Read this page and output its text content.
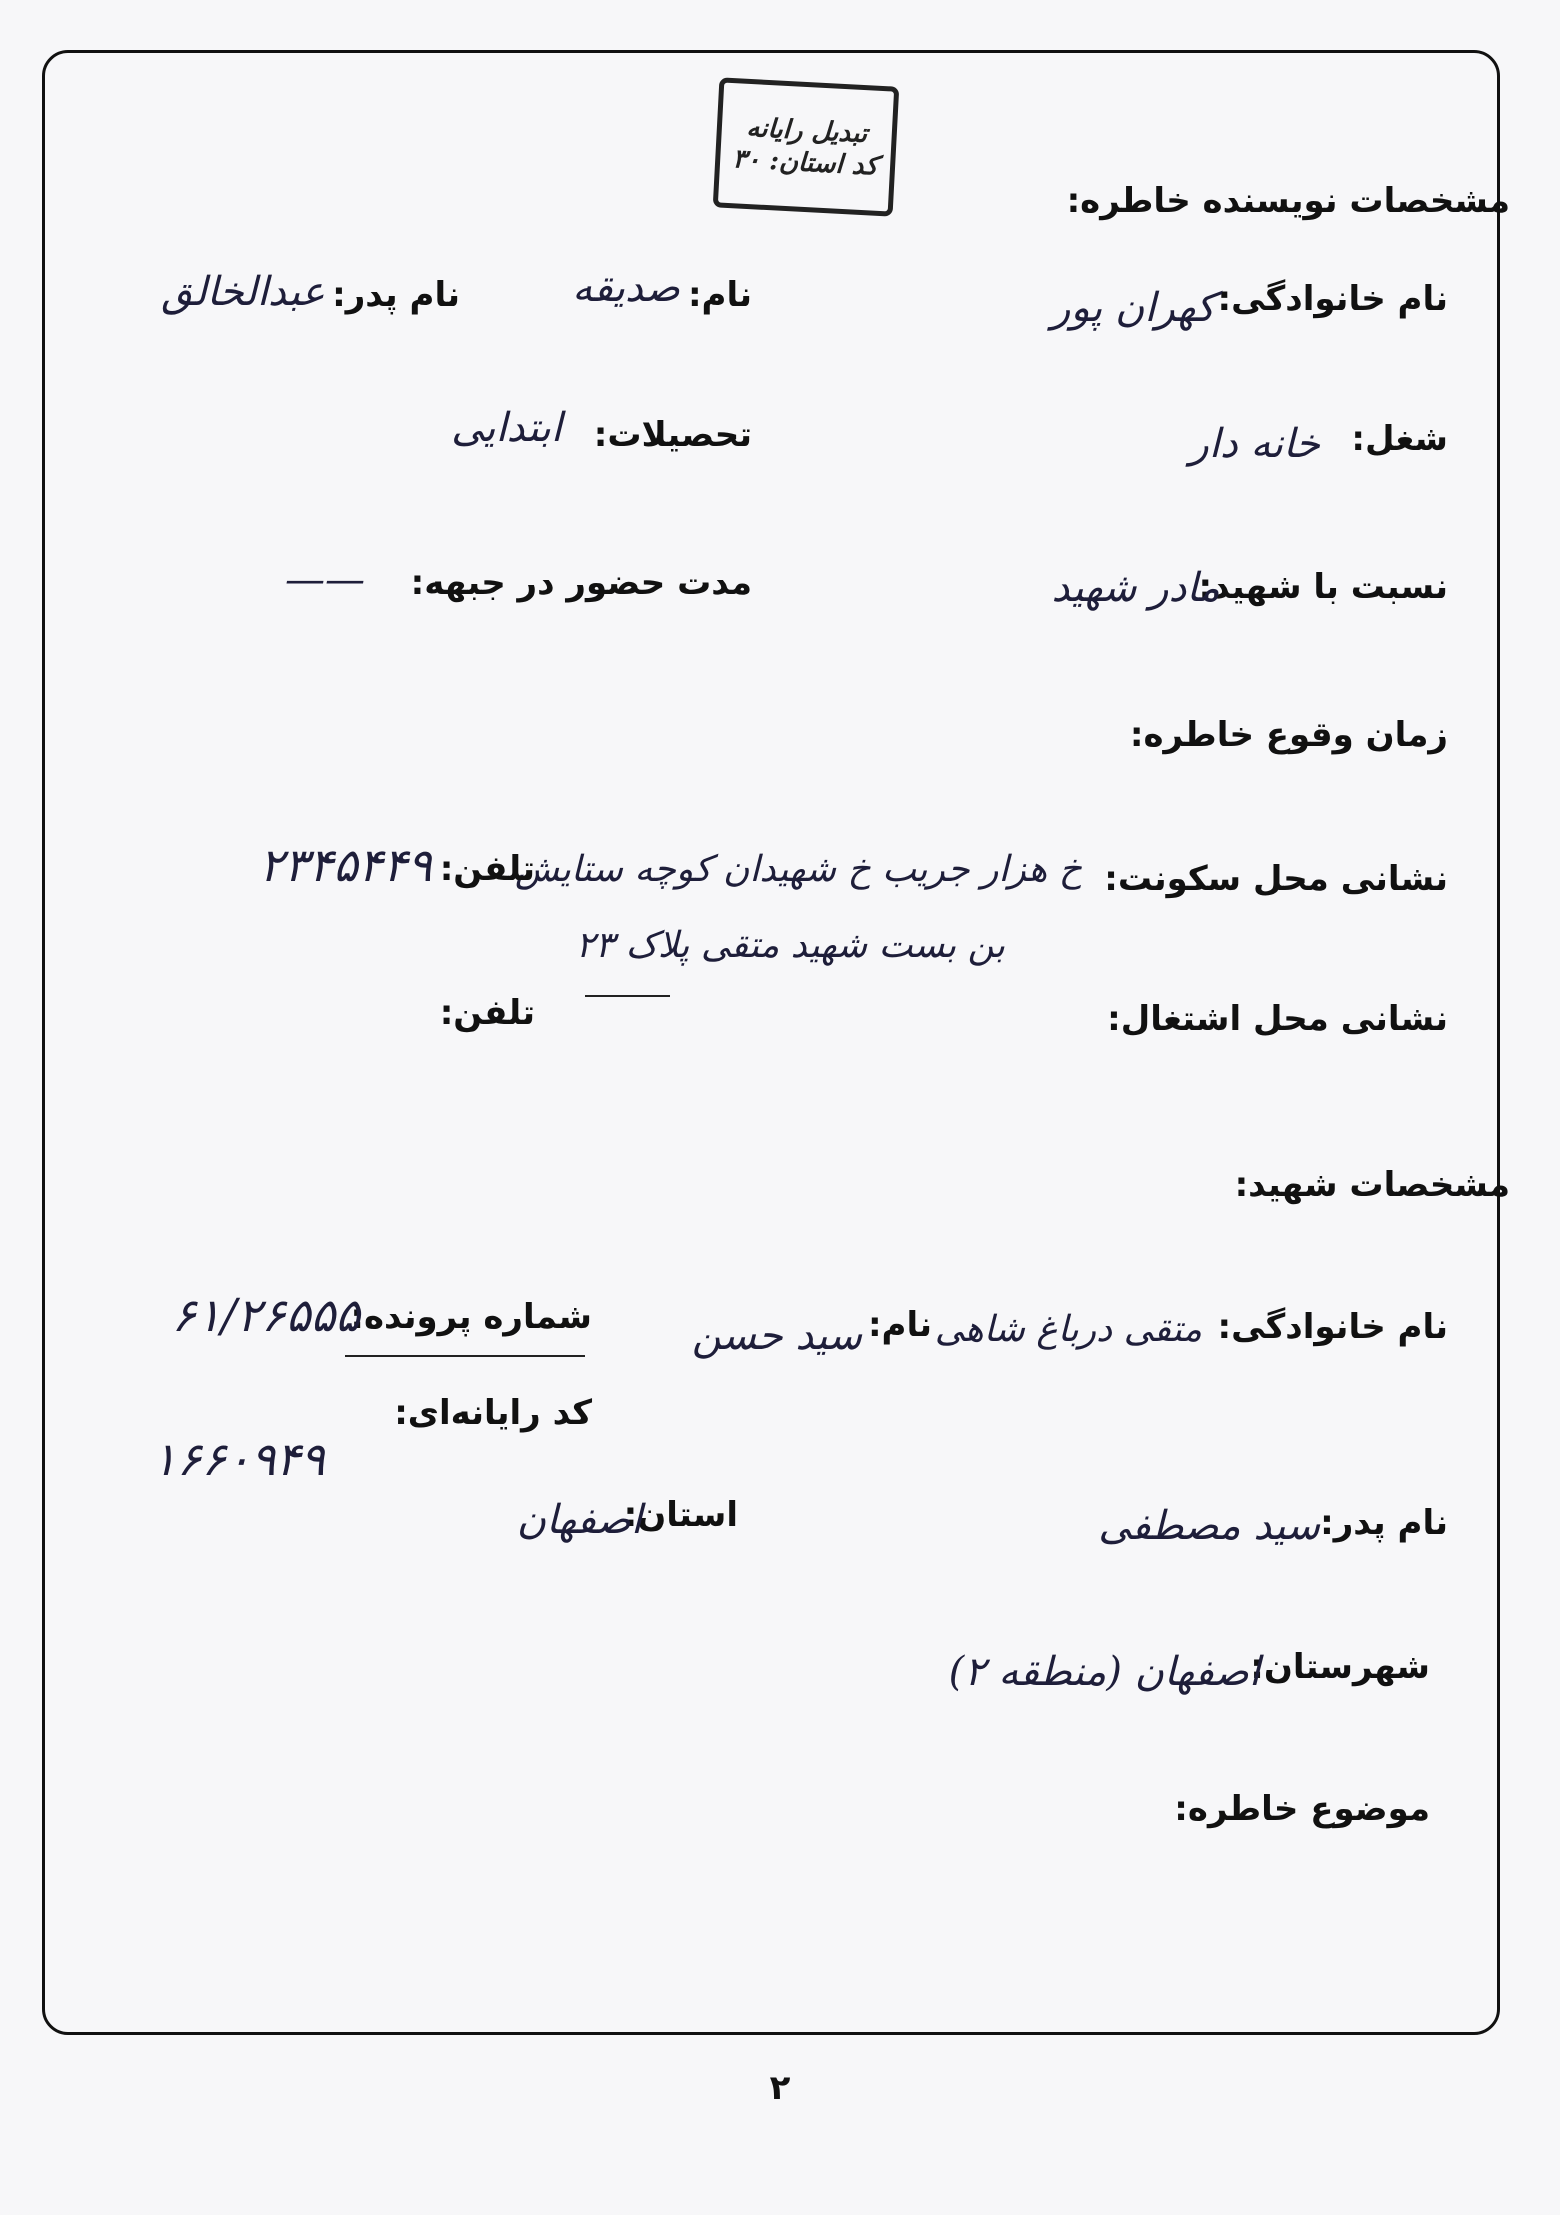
تبدیل رایانه
کد استان: ۳۰
مشخصات نویسنده خاطره:
نام خانوادگی:
کهران پور
نام:
صدیقه
نام پدر:
عبدالخالق
شغل:
خانه دار
تحصیلات:
ابتدایی
نسبت با شهید:
مادر شهید
مدت حضور در جبهه:
——
زمان وقوع خاطره:
نشانی محل سکونت:
خ هزار جریب خ شهیدان کوچه ستایش
بن بست شهید متقی پلاک ۲۳
تلفن:
۲۳۴۵۴۴۹
نشانی محل اشتغال:
تلفن:
مشخصات شهید:
نام خانوادگی:
متقی درباغ شاهی
نام:
سید حسن
شماره پرونده:
۶۱/۲۶۵۵۵
کد رایانه‌ای:
۱۶۶۰۹۴۹
نام پدر:
سید مصطفی
استان:
اصفهان
شهرستان:
اصفهان (منطقه ۲)
موضوع خاطره:
۲
